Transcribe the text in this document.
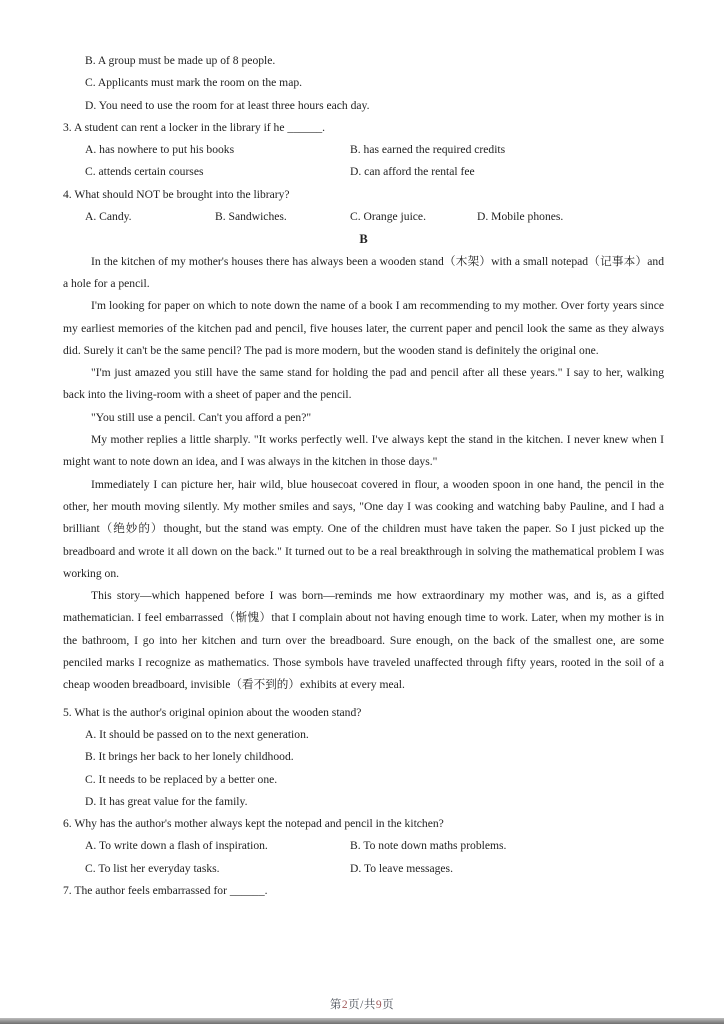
B. A group must be made up of 8 people.
C. Applicants must mark the room on the map.
D. You need to use the room for at least three hours each day.
3. A student can rent a locker in the library if he ______.
A. has nowhere to put his books	B. has earned the required credits
C. attends certain courses	D. can afford the rental fee
4. What should NOT be brought into the library?
A. Candy.	B. Sandwiches.	C. Orange juice.	D. Mobile phones.
B

In the kitchen of my mother's houses there has always been a wooden stand（木架）with a small notepad（记事本）and a hole for a pencil.

I'm looking for paper on which to note down the name of a book I am recommending to my mother. Over forty years since my earliest memories of the kitchen pad and pencil, five houses later, the current paper and pencil look the same as they always did. Surely it can't be the same pencil? The pad is more modern, but the wooden stand is definitely the original one.

"I'm just amazed you still have the same stand for holding the pad and pencil after all these years." I say to her, walking back into the living-room with a sheet of paper and the pencil.

"You still use a pencil. Can't you afford a pen?"

My mother replies a little sharply. "It works perfectly well. I've always kept the stand in the kitchen. I never knew when I might want to note down an idea, and I was always in the kitchen in those days."

Immediately I can picture her, hair wild, blue housecoat covered in flour, a wooden spoon in one hand, the pencil in the other, her mouth moving silently. My mother smiles and says, "One day I was cooking and watching baby Pauline, and I had a brilliant（绝妙的）thought, but the stand was empty. One of the children must have taken the paper. So I just picked up the breadboard and wrote it all down on the back." It turned out to be a real breakthrough in solving the mathematical problem I was working on.

This story—which happened before I was born—reminds me how extraordinary my mother was, and is, as a gifted mathematician. I feel embarrassed（惭愧）that I complain about not having enough time to work. Later, when my mother is in the bathroom, I go into her kitchen and turn over the breadboard. Sure enough, on the back of the smallest one, are some penciled marks I recognize as mathematics. Those symbols have traveled unaffected through fifty years, rooted in the soil of a cheap wooden breadboard, invisible（看不到的）exhibits at every meal.

5. What is the author's original opinion about the wooden stand?
A. It should be passed on to the next generation.
B. It brings her back to her lonely childhood.
C. It needs to be replaced by a better one.
D. It has great value for the family.
6. Why has the author's mother always kept the notepad and pencil in the kitchen?
A. To write down a flash of inspiration.	B. To note down maths problems.
C. To list her everyday tasks.	D. To leave messages.
7. The author feels embarrassed for ______.
第2页/共9页
